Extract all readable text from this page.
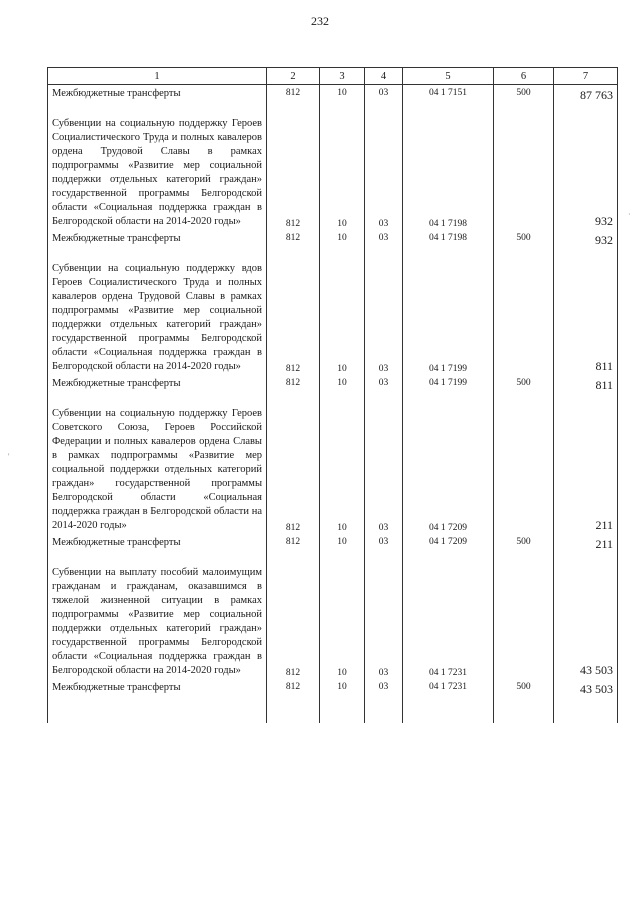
232
'
·
1	2	3	4	5	6	7
Межбюджетные трансферты	812	10	03	04 1 7151	500	87 763
Субвенции на социальную поддержку Героев Социалистического Труда и полных кавалеров ордена Трудовой Славы в рамках подпрограммы «Развитие мер социальной поддержки отдельных категорий граждан» государственной программы Белгородской области «Социальная поддержка граждан в Белгородской области на 2014-2020 годы»	812	10	03	04 1 7198		932
Межбюджетные трансферты	812	10	03	04 1 7198	500	932
Субвенции на социальную поддержку вдов Героев Социалистического Труда и полных кавалеров ордена Трудовой Славы в рамках подпрограммы «Развитие мер социальной поддержки отдельных категорий граждан» государственной программы Белгородской области «Социальная поддержка граждан в Белгородской области на 2014-2020 годы»	812	10	03	04 1 7199		811
Межбюджетные трансферты	812	10	03	04 1 7199	500	811
Субвенции на социальную поддержку Героев Советского Союза, Героев Российской Федерации и полных кавалеров ордена Славы в рамках подпрограммы «Развитие мер социальной поддержки отдельных категорий граждан» государственной программы Белгородской области «Социальная поддержка граждан в Белгородской области на 2014-2020 годы»	812	10	03	04 1 7209		211
Межбюджетные трансферты	812	10	03	04 1 7209	500	211
Субвенции на выплату пособий малоимущим гражданам и гражданам, оказавшимся в тяжелой жизненной ситуации в рамках подпрограммы «Развитие мер социальной поддержки отдельных категорий граждан» государственной программы Белгородской области «Социальная поддержка граждан в Белгородской области на 2014-2020 годы»	812	10	03	04 1 7231		43 503
Межбюджетные трансферты	812	10	03	04 1 7231	500	43 503
